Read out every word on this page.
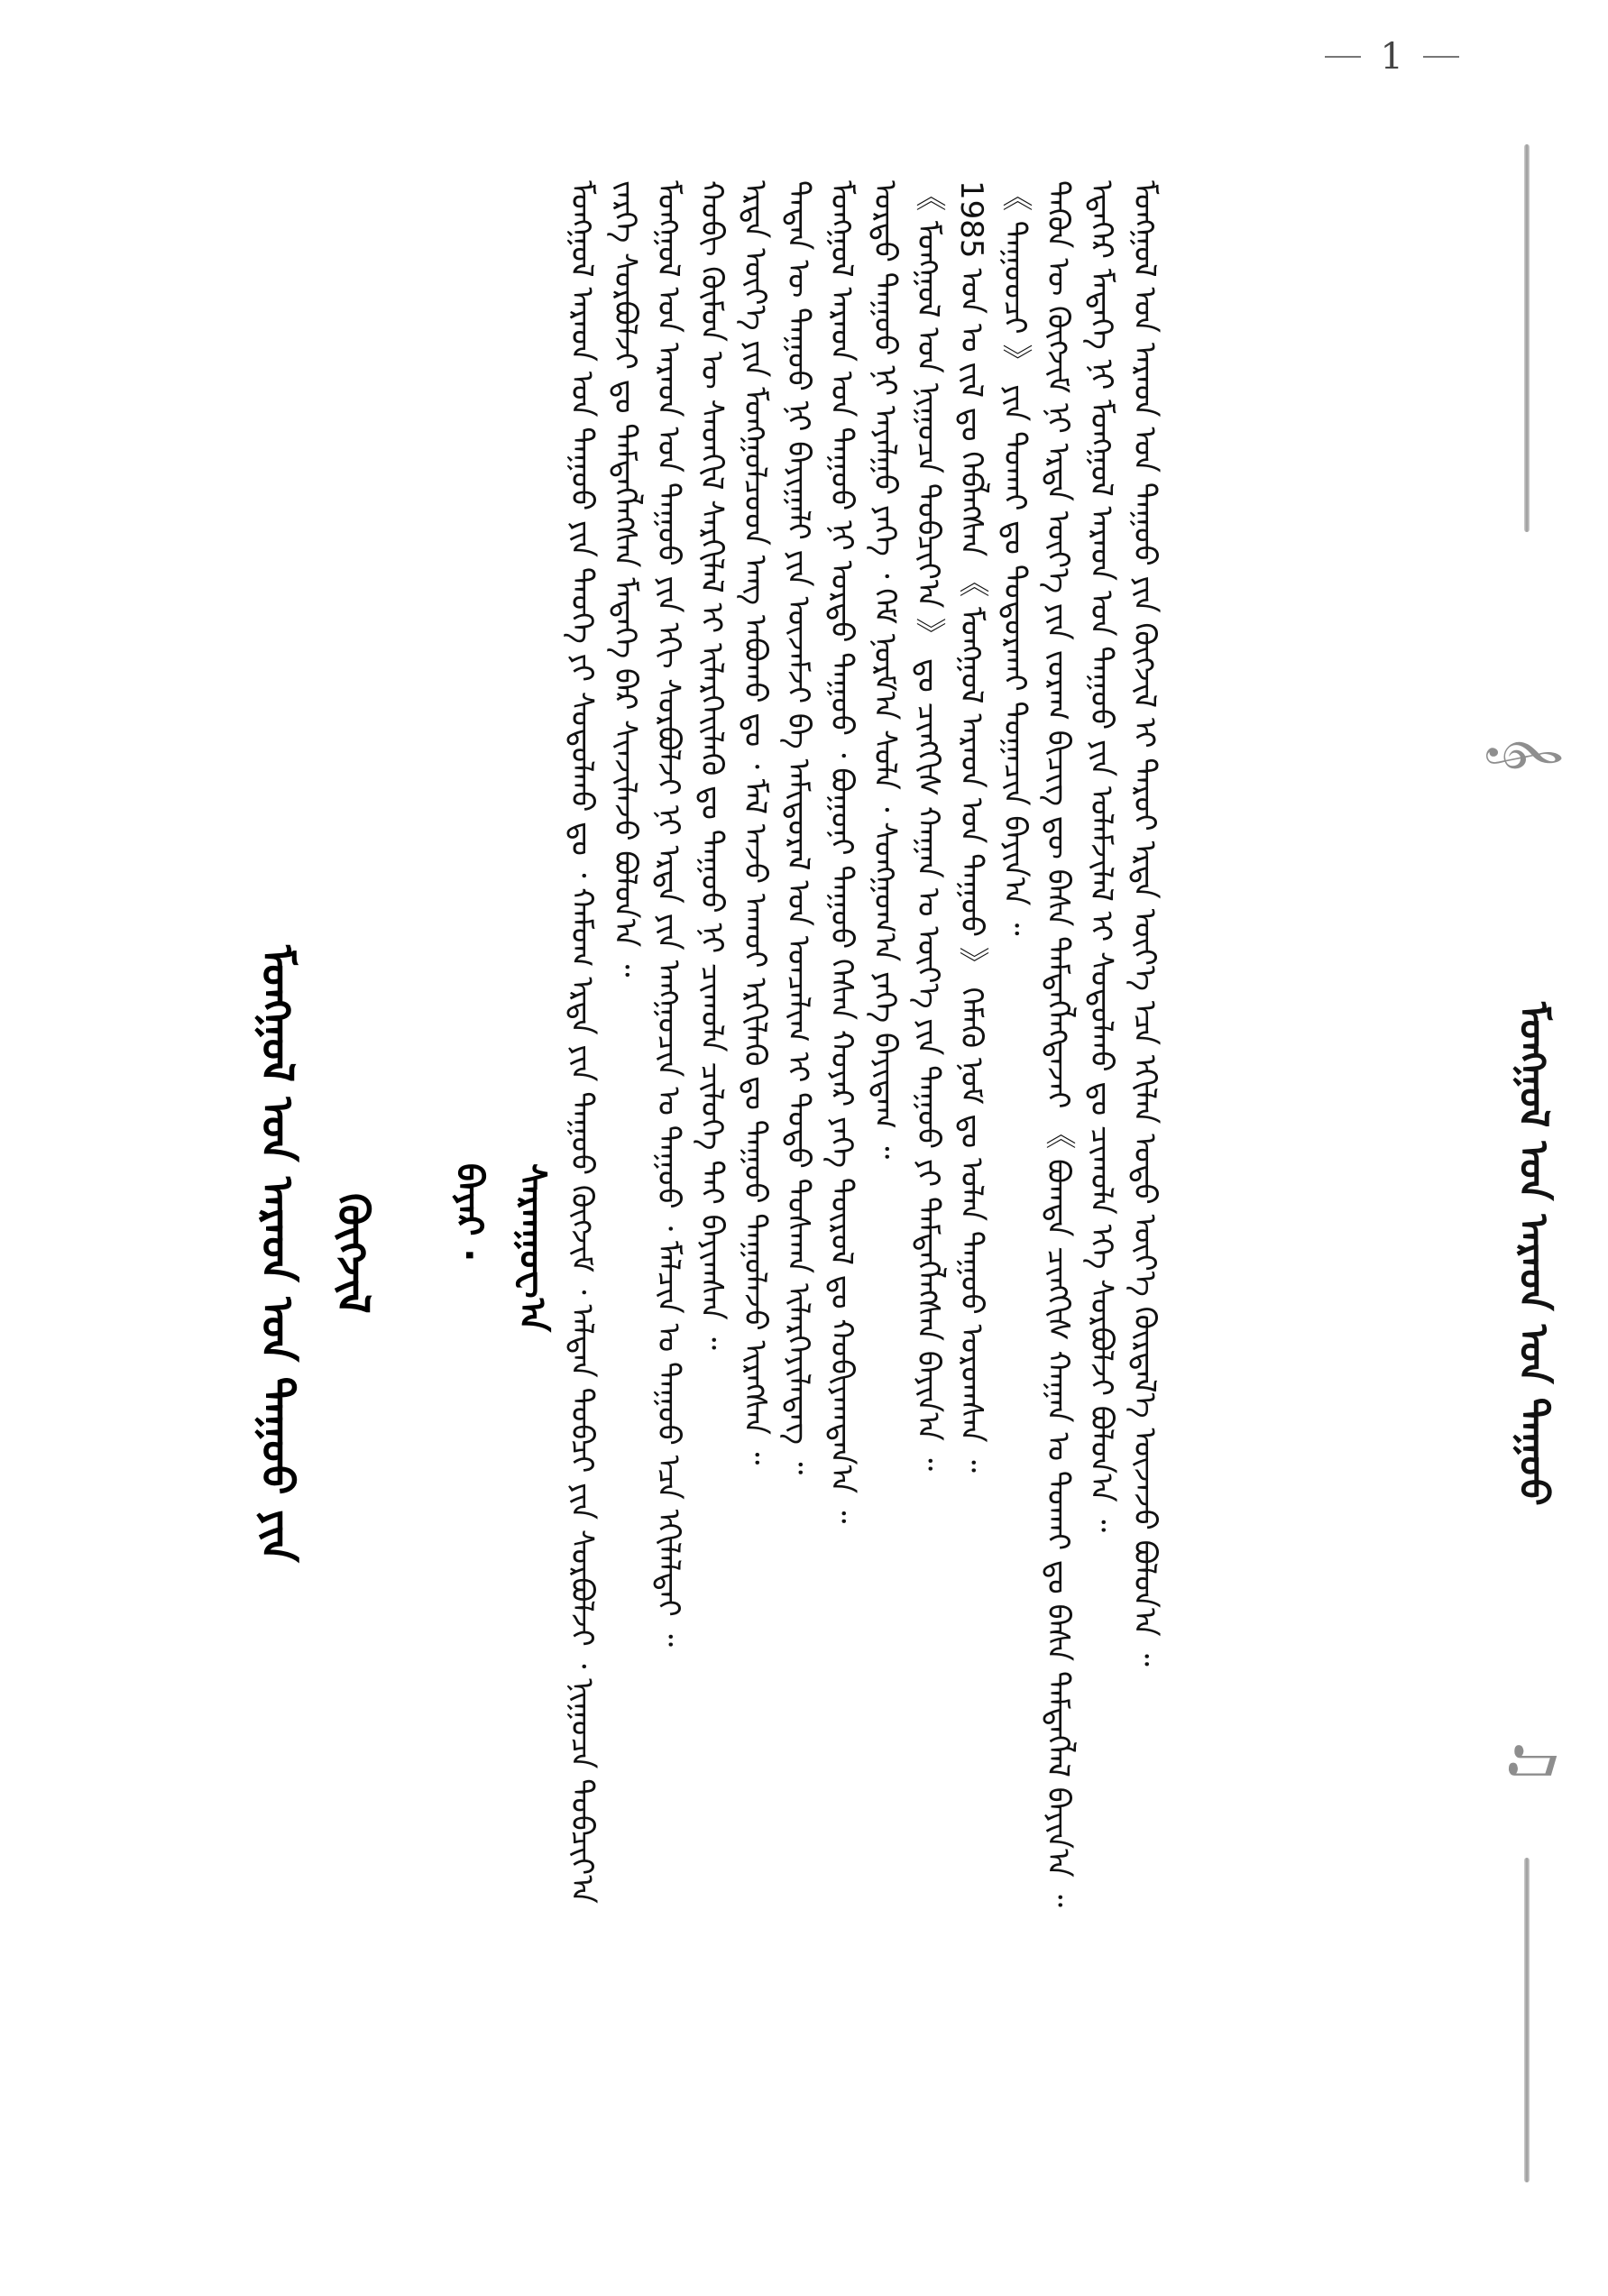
1
𝄞
ᠮᠣᠩᠭᠣᠯ ᠤᠨ ᠠᠷᠠᠳ ᠤᠨ ᠳᠠᠭᠤᠤ
♫
ᠮᠣᠩᠭᠣᠯ ᠤᠨ ᠠᠷᠠᠳ ᠤᠨ ᠳᠠᠭᠤᠤ ᠶᠢᠨ ᠬᠥᠭᠵᠢᠯ	ᠪᠠᠶᠠᠷ · ᠰᠠᠷᠠᠨᠭᠤᠸ᠎ᠠ ᠮᠣᠩᠭᠣᠯ ᠠᠷᠠᠳ ᠤᠨ ᠳᠠᠭᠤᠤ ᠶᠢᠨ ᠲᠡᠦᠬᠡ ᠶᠢ ᠰᠤᠳᠤᠯᠬᠤ ᠳᠤ ᠂ ᠬᠠᠮᠤᠭ ᠡᠷᠲᠡ ᠶᠢᠨ ᠳᠠᠭᠤᠤ ᠬᠥᠭᠵᠢᠮ ᠂ ᠠᠯᠲᠠᠨ ᠲᠣᠪᠴᠢ ᠶᠢᠨ ᠰᠤᠷᠪᠤᠯᠵᠢ ᠂ ᠨᠢᠭᠤᠴᠠ ᠲᠣᠪᠴᠢᠶ᠎ᠠ ᠵᠡᠷᠭᠡ ᠰᠤᠷᠪᠤᠯᠵᠢ ᠳᠤ ᠲᠡᠮᠳᠡᠭᠯᠡᠭᠰᠡᠨ ᠮᠡᠳᠡᠭᠡ ᠪᠠᠷ ᠰᠢᠨᠵᠢᠯᠡᠵᠦ ᠪᠣᠯᠤᠨ᠎ᠠ ᠃ ᠮᠣᠩᠭᠣᠯ ᠤᠨ ᠠᠷᠠᠳ ᠤᠨ ᠳᠠᠭᠤᠤ ᠶᠢᠨ ᠡᠬᠢ ᠰᠤᠷᠪᠤᠯᠵᠢ ᠨᠢ ᠡᠷᠲᠡ ᠶᠢᠨ ᠠᠩᠭᠤᠴᠢᠨ ᠤ ᠳᠠᠭᠤᠤ ᠂ ᠮᠠᠯᠴᠢᠨ ᠤ ᠳᠠᠭᠤᠤ ᠡᠴᠡ ᠡᠬᠢᠯᠡᠯᠲᠡᠢ ᠃ ᠬᠤᠪᠢ ᠬᠥᠮᠦᠨ ᠦ ᠰᠡᠳᠬᠢᠯ ᠰᠡᠷᠭᠢᠯᠡᠯ ᠢ ᠢᠯᠡᠷᠬᠡᠢᠯᠡᠬᠦ ᠳᠤ ᠳᠠᠭᠤᠤ ᠨᠢ ᠴᠢᠬᠤᠯᠠ ᠴᠢᠯᠦᠭᠡ ᠲᠡᠢ ᠪᠠᠶᠢᠭᠰᠠᠨ ᠃ ᠡᠷᠲᠡ ᠦᠶ᠎ᠡ ᠶᠢᠨ ᠮᠣᠩᠭᠣᠯᠴᠤᠳ ᠠᠩ ᠠᠪᠤᠬᠤ ᠳᠤ ᠂ ᠮᠠᠯ ᠠᠵᠤ ᠠᠬᠤᠢ ᠡᠷᠬᠢᠯᠡᠬᠦ ᠳᠤ ᠳᠠᠭᠤᠤ ᠳᠠᠭᠤᠯᠠᠵᠤ ᠢᠷᠡᠭᠰᠡᠨ ᠃ ᠲᠡᠳᠡᠨ ᠦ ᠳᠠᠭᠤᠤ ᠨᠢ ᠪᠠᠶᠢᠭᠠᠯᠢ ᠶᠢᠨ ᠦᠵᠡᠮᠵᠢ ᠪᠠ ᠠᠮᠢᠳᠤᠷᠠᠯ ᠤᠨ ᠣᠨᠴᠠᠯᠢᠭ ᠢ ᠲᠣᠳᠤ ᠲᠤᠰᠬᠠᠨ ᠢᠯᠡᠷᠬᠡᠶᠢᠯᠡᠳᠡᠭ ᠃ ᠮᠣᠩᠭᠣᠯ ᠠᠷᠠᠳ ᠤᠨ ᠳᠠᠭᠤᠤ ᠨᠢ ᠤᠷᠲᠤ ᠳᠠᠭᠤᠤ ᠂ ᠪᠣᠭᠣᠨᠢ ᠳᠠᠭᠤᠤ ᠭᠡᠰᠡᠨ ᠬᠣᠶᠠᠷ ᠶᠡᠬᠡ ᠲᠥᠷᠥᠯ ᠳᠤ ᠬᠤᠪᠢᠶᠠᠭᠳᠠᠨ᠎ᠠ ᠃ ᠤᠷᠲᠤ ᠳᠠᠭᠤᠤ ᠨᠢ ᠠᠶᠠᠯᠭᠤ ᠶᠡᠬᠡ ᠂ ᠬᠡᠮ ᠨᠣᠷᠮ᠎ᠠ ᠰᠤᠯᠠ ᠂ ᠰᠤᠩᠭᠤᠭ᠎ᠠ ᠶᠡᠬᠡ ᠪᠠᠶᠢᠳᠠᠭ ᠃ 《 ᠮᠣᠩᠭᠣᠯ ᠤᠨ ᠨᠢᠭᠤᠴᠠ ᠲᠣᠪᠴᠢᠶ᠎ᠠ 》 ᠳᠤ ᠴᠢᠩᠭᠢᠰ ᠬᠠᠭᠠᠨ ᠤ ᠦᠶ᠎ᠡ ᠶᠢᠨ ᠳᠠᠭᠤᠤ ᠶᠢ ᠲᠡᠮᠳᠡᠭᠯᠡᠭᠰᠡᠨ ᠪᠠᠶᠢᠨ᠎ᠠ ᠃ 1985 ᠣᠨ ᠤ ᠵᠢᠯ ᠳᠤ ᠬᠡᠪᠯᠡᠭᠰᠡᠨ 《 ᠮᠣᠩᠭᠣᠯ ᠠᠷᠠᠳ ᠤᠨ ᠳᠠᠭᠤᠤ 》 ᠬᠡᠮᠡᠬᠦ ᠨᠣᠮ ᠳᠤ ᠣᠯᠠᠨ ᠳᠠᠭᠤᠤ ᠣᠷᠣᠭᠰᠠᠨ ᠃ 《 ᠳᠠᠭᠤᠤᠴᠢ 》 ᠶᠢᠨ ᠲᠤᠬᠠᠢ ᠳᠤ ᠲᠣᠳᠤᠷᠬᠠᠢ ᠲᠣᠭᠠᠴᠢᠨ ᠪᠠᠶᠢᠨ᠎ᠠ ᠃ ᠲᠡᠭᠦᠨ ᠦ ᠬᠥᠭᠵᠢᠮ ᠨᠢ ᠡᠷᠲᠡ ᠦᠶ᠎ᠡ ᠶᠢᠨ ᠵᠤᠷᠠᠭ ᠪᠢᠴᠢᠭ ᠳᠦ ᠪᠠᠰᠠ ᠲᠡᠮᠳᠡᠭᠯᠡᠭᠳᠡᠵᠡᠢ 《 ᠪᠣᠭᠳᠠ ᠴᠢᠩᠭᠢᠰ ᠬᠠᠭᠠᠨ ᠤ ᠲᠤᠬᠠᠢ ᠳᠤ ᠪᠠᠰᠠ ᠲᠡᠮᠳᠡᠭᠯᠡᠯ ᠪᠠᠶᠢᠨ᠎ᠠ ᠃ ᠡᠳᠡᠭᠡᠷ ᠮᠡᠳᠡᠭᠡ ᠨᠢ ᠮᠣᠩᠭᠣᠯ ᠠᠷᠠᠳ ᠤᠨ ᠳᠠᠭᠤᠤ ᠶᠢᠨ ᠤᠯᠠᠮᠵᠢᠯᠠᠯ ᠢ ᠰᠤᠳᠤᠯᠬᠤ ᠳᠤ ᠴᠢᠬᠤᠯᠠ ᠡᠬᠡ ᠰᠤᠷᠪᠤᠯᠵᠢ ᠪᠣᠯᠤᠨ᠎ᠠ ᠃ ᠮᠣᠩᠭᠣᠯ ᠤᠨ ᠠᠷᠠᠳ ᠤᠨ ᠳᠠᠭᠤᠤ ᠶᠢᠨ ᠬᠥᠭᠵᠢᠯ ᠢ ᠳᠠᠷᠤᠢ ᠡᠷᠲᠡ ᠦᠶ᠎ᠡ ᠡᠴᠡ ᠡᠬᠢᠯᠡᠨ ᠣᠳᠣ ᠦᠶ᠎ᠡ ᠬᠦᠷᠲᠡᠯ᠎ᠡ ᠦᠵᠡᠵᠦ ᠪᠣᠯᠤᠨ᠎ᠠ ᠃
